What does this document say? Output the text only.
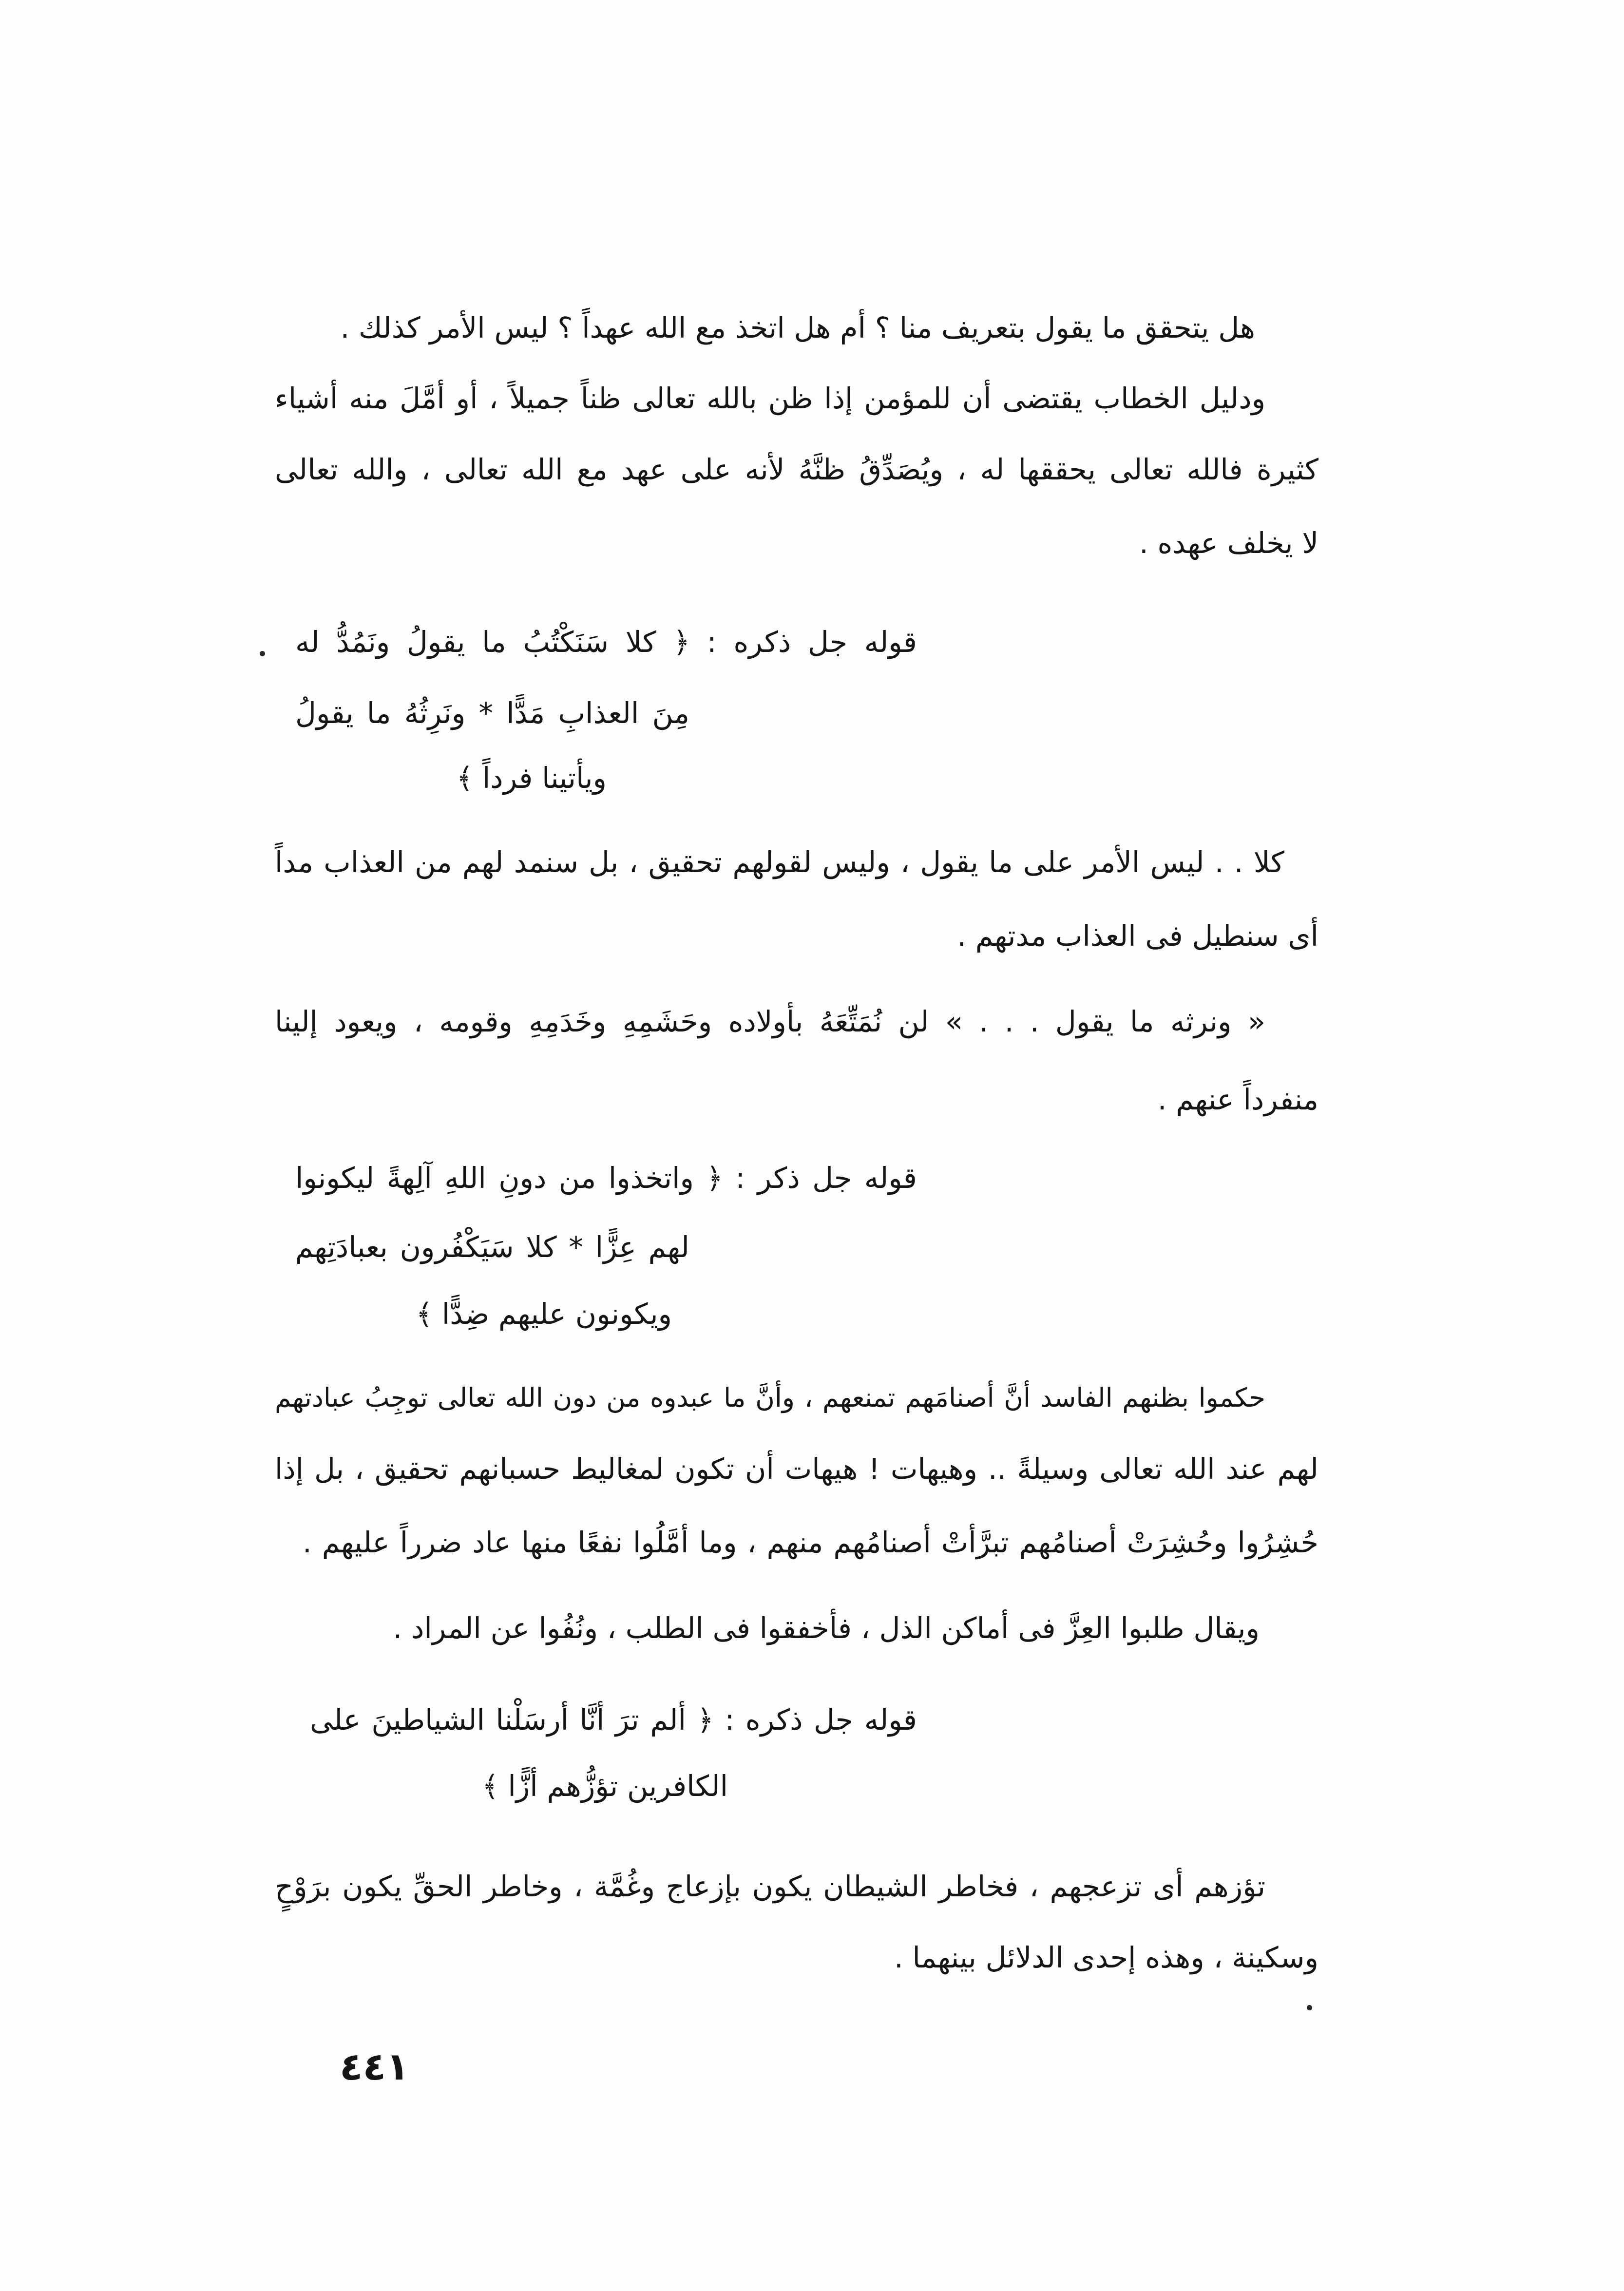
هل يتحقق ما يقول بتعريف منا ؟ أم هل اتخذ مع الله عهداً ؟ ليس الأمر كذلك .
ودليل الخطاب يقتضى أن للمؤمن إذا ظن بالله تعالى ظناً جميلاً ، أو أمَّلَ منه أشياء
كثيرة فالله تعالى يحققها له ، ويُصَدِّقُ ظنَّهُ لأنه على عهد مع الله تعالى ، والله تعالى
لا يخلف عهده .
قوله جل ذكره : ﴿ كلا سَنَكْتُبُ ما يقولُ ونَمُدُّ له
مِنَ العذابِ مَدًّا * ونَرِثُهُ ما يقولُ
ويأتينا فرداً ﴾
كلا . . ليس الأمر على ما يقول ، وليس لقولهم تحقيق ، بل سنمد لهم من العذاب مداً
أى سنطيل فى العذاب مدتهم .
« ونرثه ما يقول . . . » لن نُمَتِّعَهُ بأولاده وحَشَمِهِ وخَدَمِهِ وقومه ، ويعود إلينا
منفرداً عنهم .
قوله جل ذكر : ﴿ واتخذوا من دونِ اللهِ آلِهةً ليكونوا
لهم عِزًّا * كلا سَيَكْفُرون بعبادَتِهم
ويكونون عليهم ضِدًّا ﴾
حكموا بظنهم الفاسد أنَّ أصنامَهم تمنعهم ، وأنَّ ما عبدوه من دون الله تعالى توجِبُ عبادتهم
لهم عند الله تعالى وسيلةً .. وهيهات ! هيهات أن تكون لمغاليط حسبانهم تحقيق ، بل إذا
حُشِرُوا وحُشِرَتْ أصنامُهم تبرَّأتْ أصنامُهم منهم ، وما أمَّلُوا نفعًا منها عاد ضرراً عليهم .
ويقال طلبوا العِزَّ فى أماكن الذل ، فأخفقوا فى الطلب ، ونُفُوا عن المراد .
قوله جل ذكره : ﴿ ألم ترَ أنَّا أرسَلْنا الشياطينَ على
الكافرين تؤزُّهم أزًّا ﴾
تؤزهم أى تزعجهم ، فخاطر الشيطان يكون بإزعاج وغُمَّة ، وخاطر الحقِّ يكون برَوْحٍ
وسكينة ، وهذه إحدى الدلائل بينهما .
٤٤١
